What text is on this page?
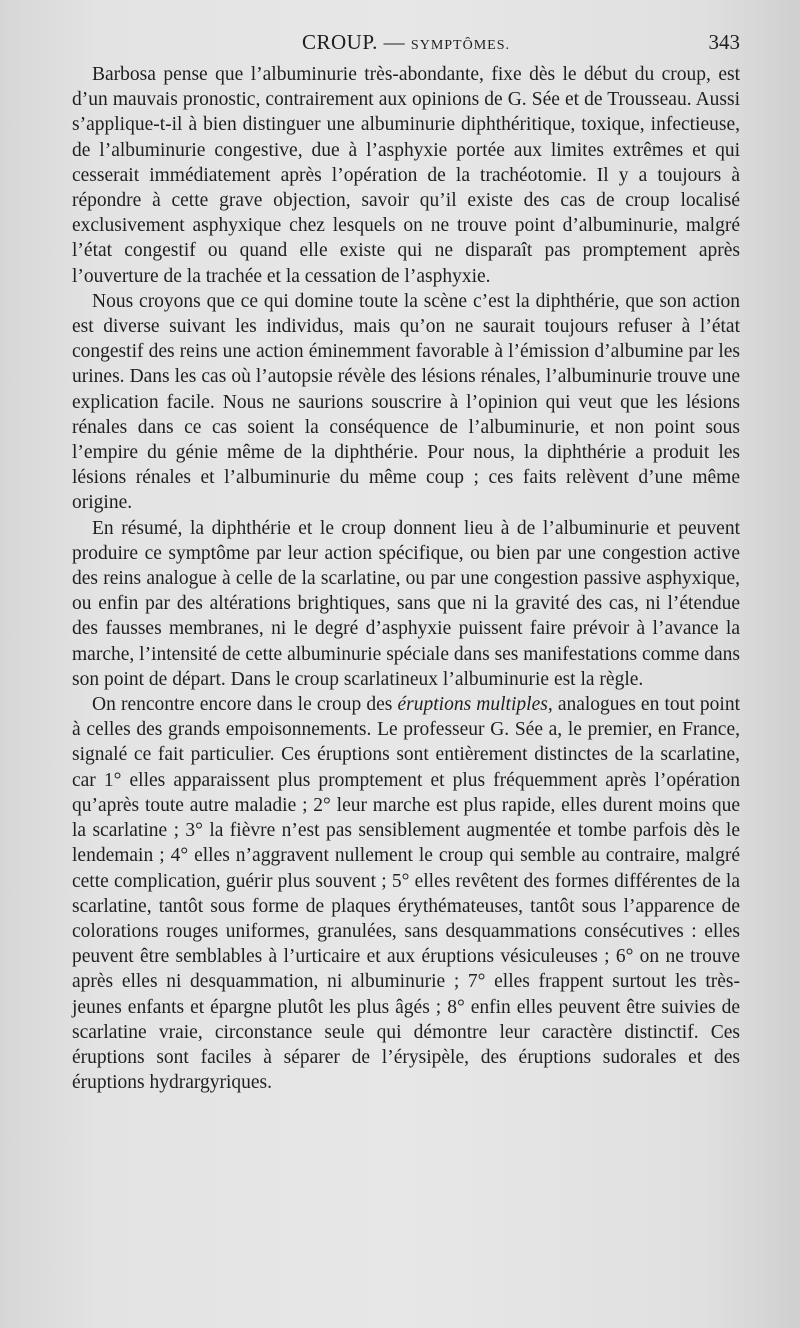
CROUP. — SYMPTÔMES.	343

Barbosa pense que l’albuminurie très-abondante, fixe dès le début du croup, est d’un mauvais pronostic, contrairement aux opinions de G. Sée et de Trousseau. Aussi s’applique-t-il à bien distinguer une albuminurie diphthéritique, toxique, infectieuse, de l’albuminurie congestive, due à l’asphyxie portée aux limites extrêmes et qui cesserait immédiatement après l’opération de la trachéotomie. Il y a toujours à répondre à cette grave objection, savoir qu’il existe des cas de croup localisé exclusivement asphyxique chez lesquels on ne trouve point d’albuminurie, malgré l’état congestif ou quand elle existe qui ne disparaît pas promptement après l’ouverture de la trachée et la cessation de l’asphyxie.

Nous croyons que ce qui domine toute la scène c’est la diphthérie, que son action est diverse suivant les individus, mais qu’on ne saurait toujours refuser à l’état congestif des reins une action éminemment favorable à l’émission d’albumine par les urines. Dans les cas où l’autopsie révèle des lésions rénales, l’albuminurie trouve une explication facile. Nous ne saurions souscrire à l’opinion qui veut que les lésions rénales dans ce cas soient la conséquence de l’albuminurie, et non point sous l’empire du génie même de la diphthérie. Pour nous, la diphthérie a produit les lésions rénales et l’albuminurie du même coup ; ces faits relèvent d’une même origine.

En résumé, la diphthérie et le croup donnent lieu à de l’albuminurie et peuvent produire ce symptôme par leur action spécifique, ou bien par une congestion active des reins analogue à celle de la scarlatine, ou par une congestion passive asphyxique, ou enfin par des altérations brightiques, sans que ni la gravité des cas, ni l’étendue des fausses membranes, ni le degré d’asphyxie puissent faire prévoir à l’avance la marche, l’intensité de cette albuminurie spéciale dans ses manifestations comme dans son point de départ. Dans le croup scarlatineux l’albuminurie est la règle.

On rencontre encore dans le croup des éruptions multiples, analogues en tout point à celles des grands empoisonnements. Le professeur G. Sée a, le premier, en France, signalé ce fait particulier. Ces éruptions sont entièrement distinctes de la scarlatine, car 1° elles apparaissent plus promptement et plus fréquemment après l’opération qu’après toute autre maladie ; 2° leur marche est plus rapide, elles durent moins que la scarlatine ; 3° la fièvre n’est pas sensiblement augmentée et tombe parfois dès le lendemain ; 4° elles n’aggravent nullement le croup qui semble au contraire, malgré cette complication, guérir plus souvent ; 5° elles revêtent des formes différentes de la scarlatine, tantôt sous forme de plaques érythémateuses, tantôt sous l’apparence de colorations rouges uniformes, granulées, sans desquammations consécutives : elles peuvent être semblables à l’urticaire et aux éruptions vésiculeuses ; 6° on ne trouve après elles ni desquammation, ni albuminurie ; 7° elles frappent surtout les très-jeunes enfants et épargne plutôt les plus âgés ; 8° enfin elles peuvent être suivies de scarlatine vraie, circonstance seule qui démontre leur caractère distinctif. Ces éruptions sont faciles à séparer de l’érysipèle, des éruptions sudorales et des éruptions hydrargyriques.
